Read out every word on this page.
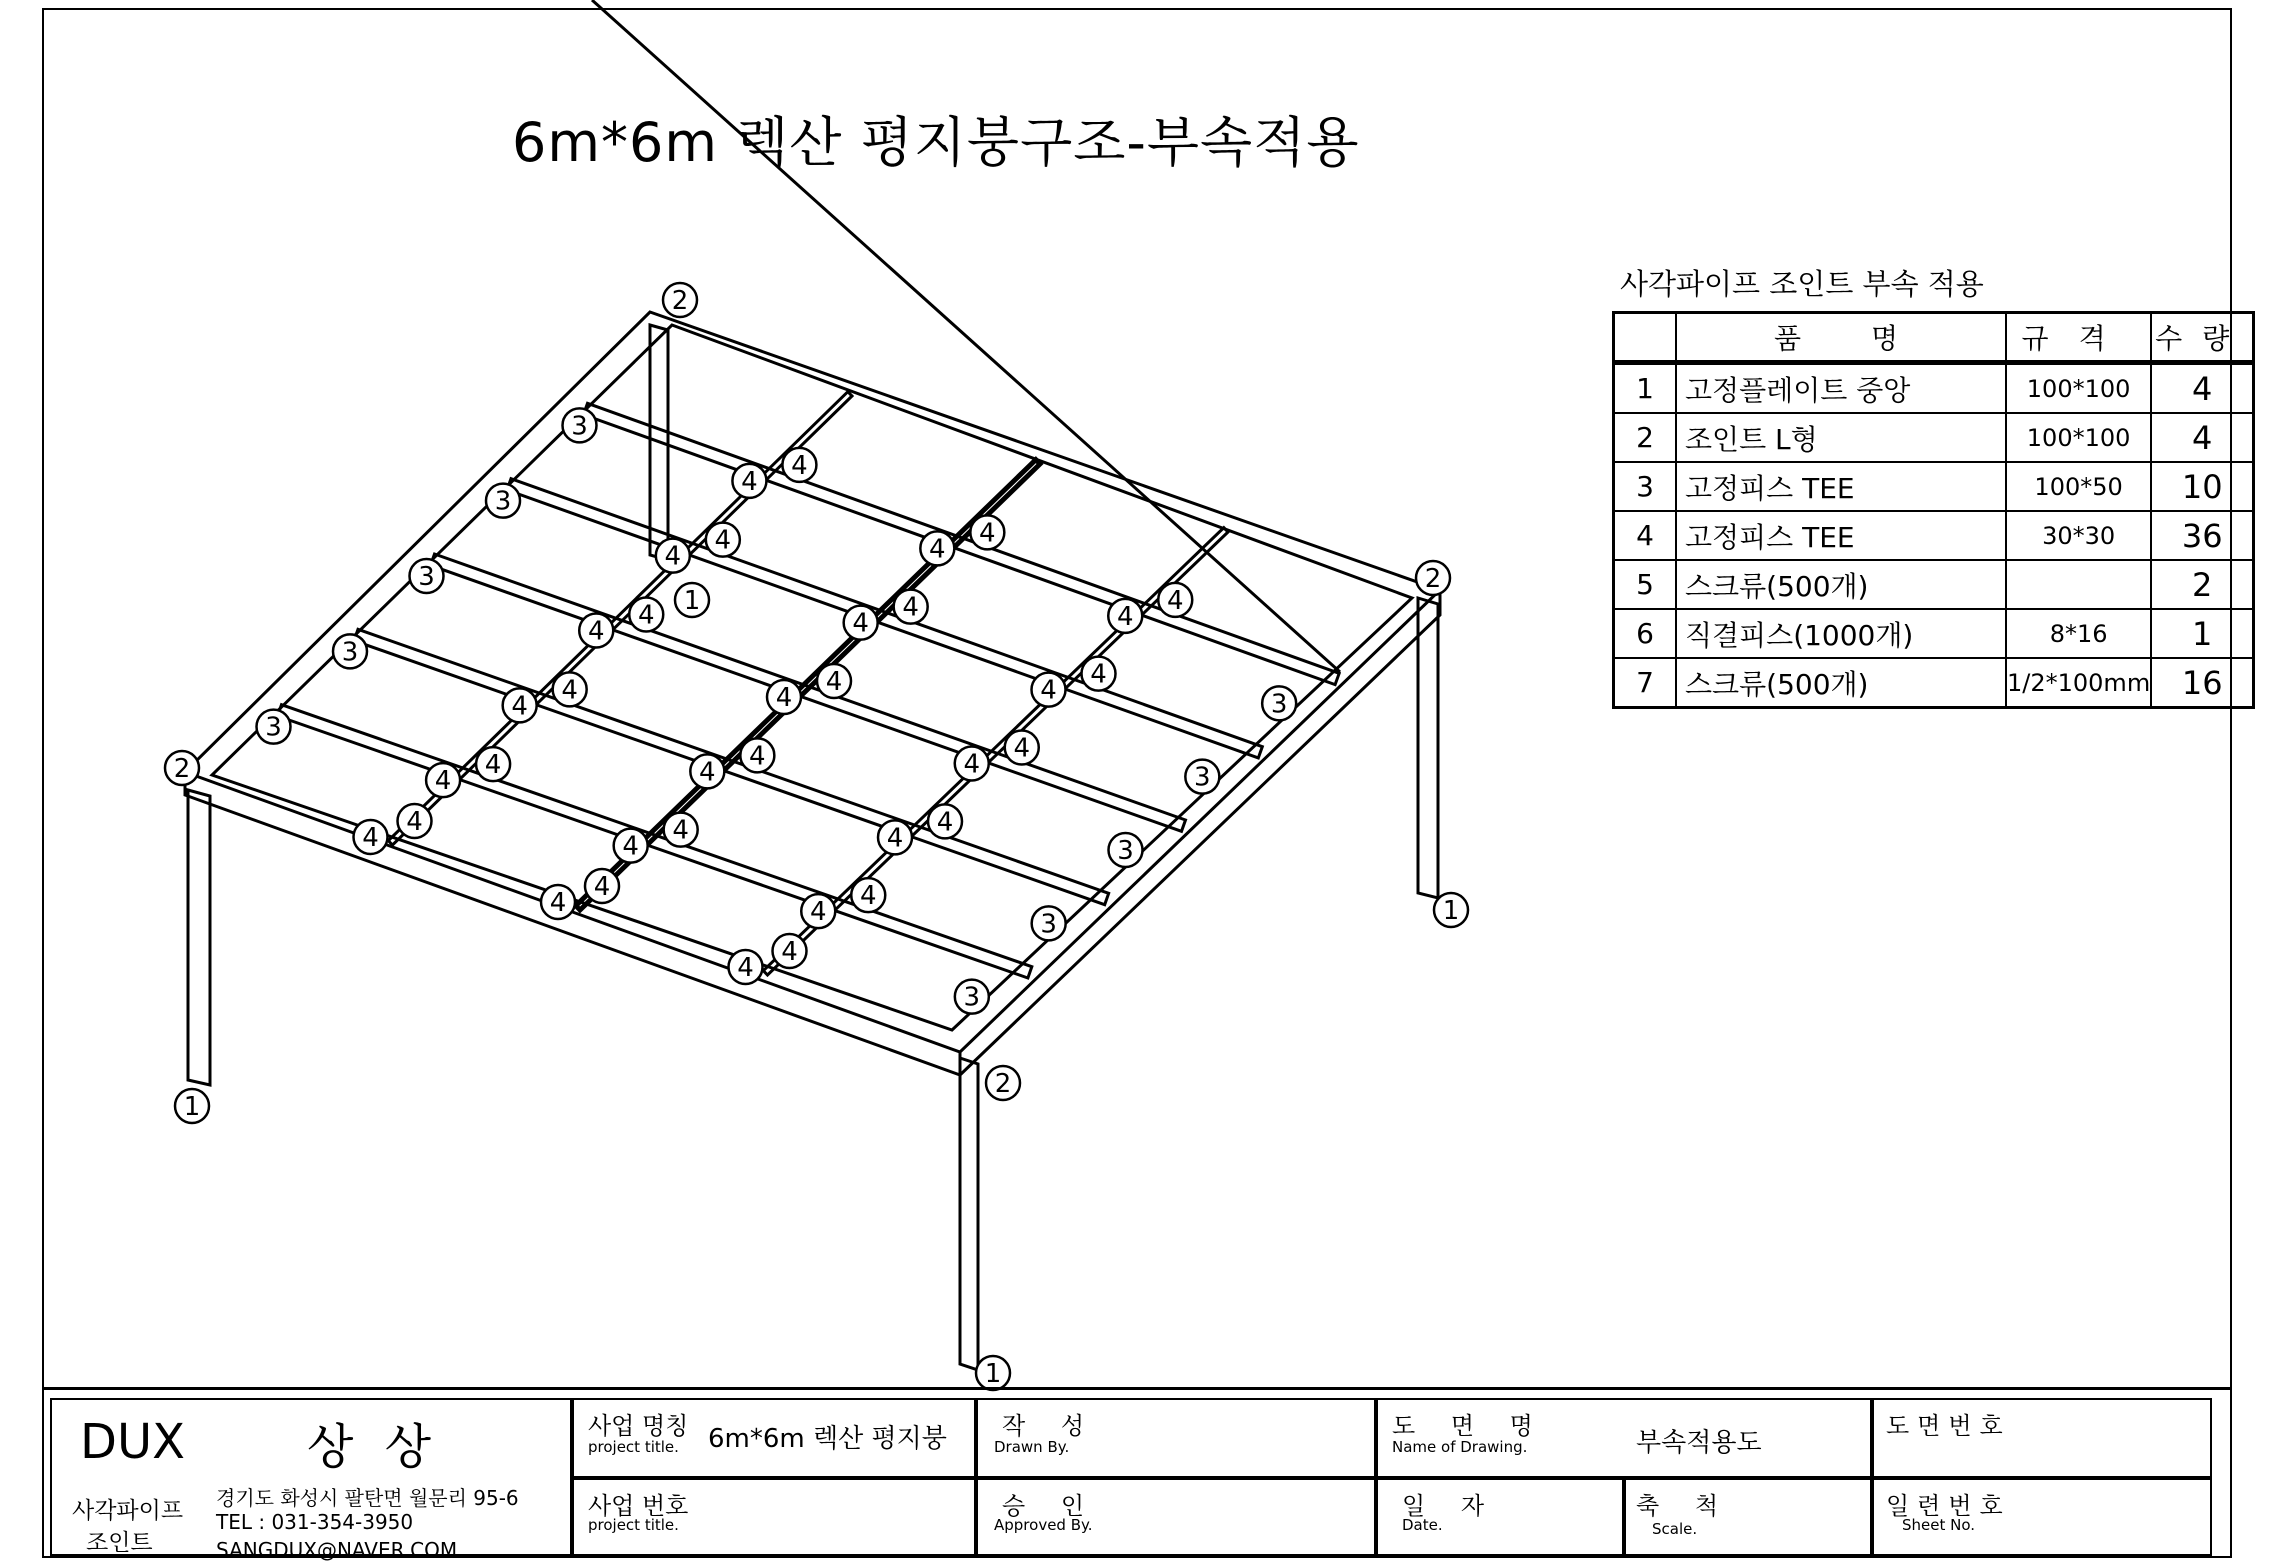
6m*6m 렉산 평지붕구조-부속적용
2
2
2
2
1
1
1
1
3
3
3
3
3
3
3
3
3
3
4
4
4
4
4
4
4
4
4
4
4
4
4
4
4
4
4
4
4
4
4
4
4
4
4
4
4
4
4
4
4
4
4
4
4
4
사각파이프 조인트 부속 적용
	품명	규격	수량
1	고정플레이트 중앙	100*100	4
2	조인트 L형	100*100	4
3	고정피스 TEE	100*50	10
4	고정피스 TEE	30*30	36
5	스크류(500개)		2
6	직결피스(1000개)	8*16	1
7	스크류(500개)	1/2*100mm	16
DUX	상 상
사각파이프
조인트
경기도 화성시 팔탄면 월문리 95-6
TEL : 031-354-3950
SANGDUX@NAVER.COM
사업 명칭
project title. 6m*6m 렉산 평지붕
사업 번호
project title.
작 성
Drawn By.
승 인
Approved By.
도 면 명
Name of Drawing.	부속적용도
일 자
Date.
축 척
Scale.
도면번호
일련번호
Sheet No.
